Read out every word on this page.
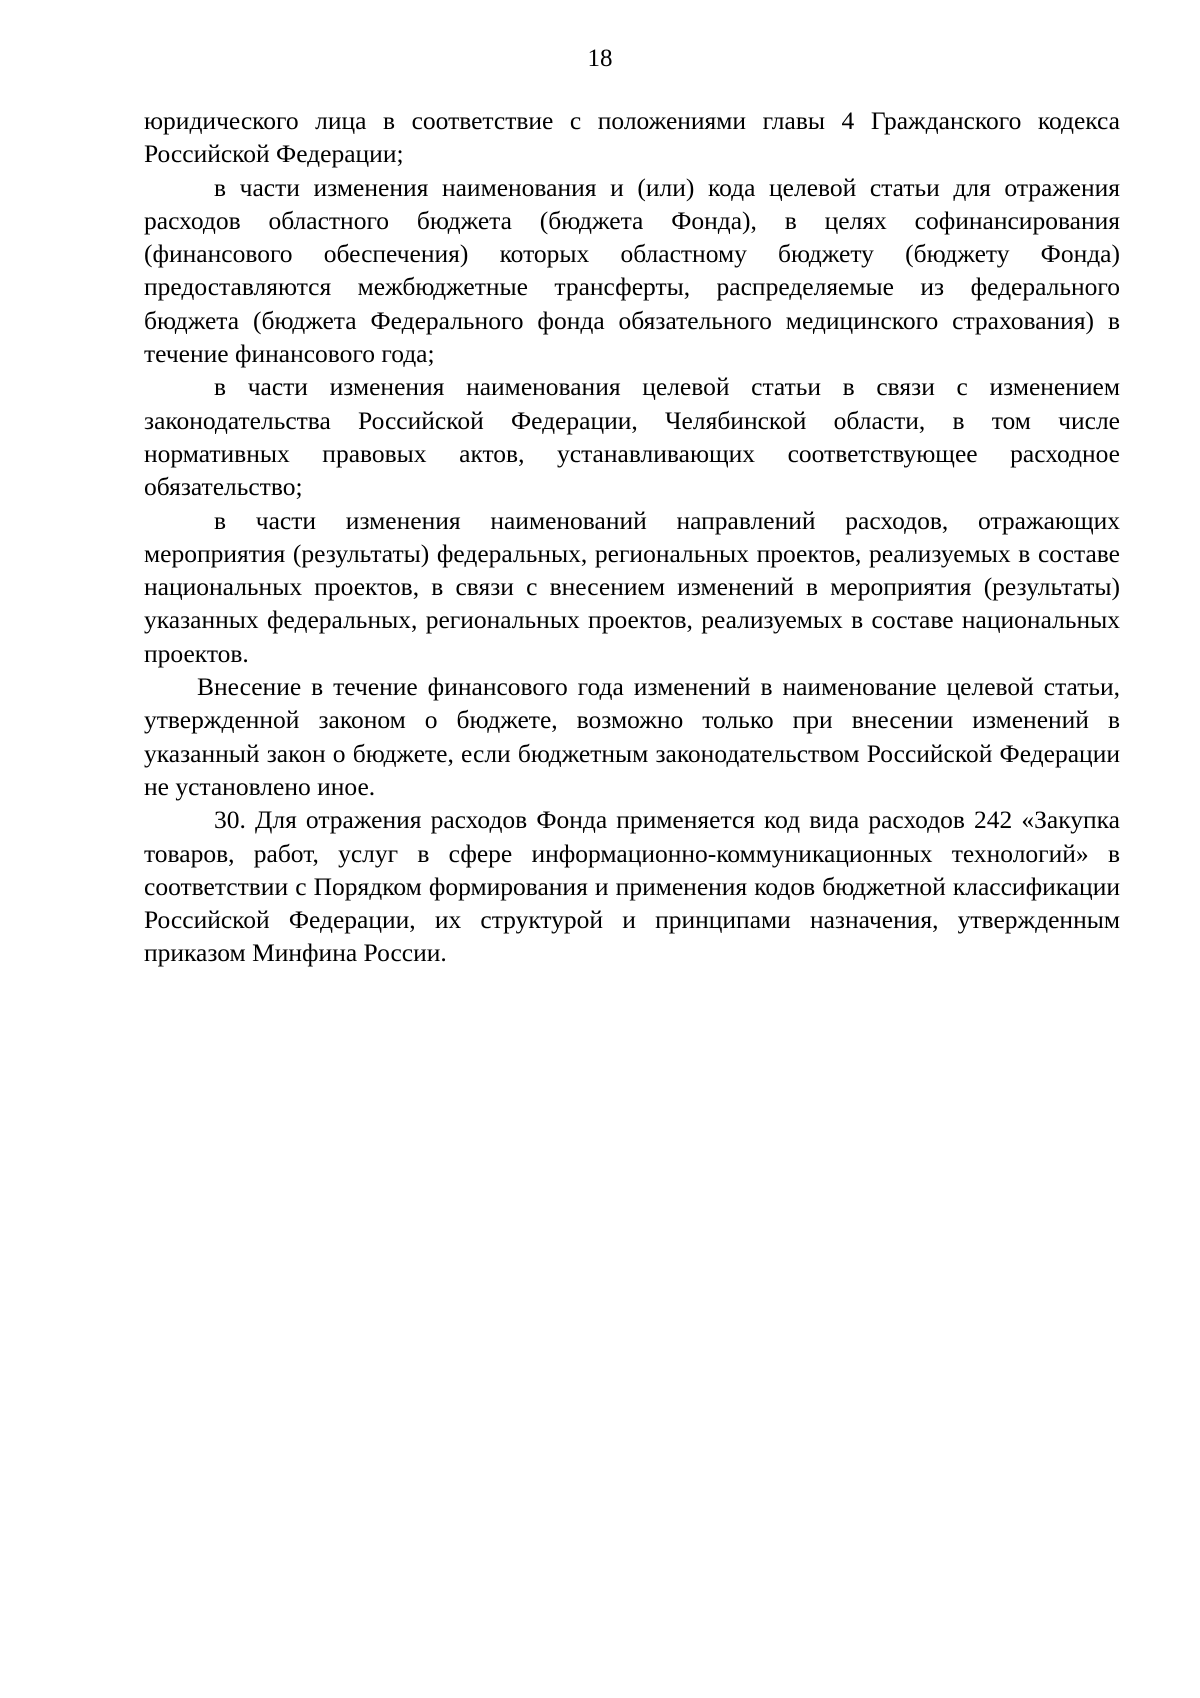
18

юридического лица в соответствие с положениями главы 4 Гражданского кодекса Российской Федерации;

в части изменения наименования и (или) кода целевой статьи для отражения расходов областного бюджета (бюджета Фонда), в целях софинансирования (финансового обеспечения) которых областному бюджету (бюджету Фонда) предоставляются межбюджетные трансферты, распределяемые из федерального бюджета (бюджета Федерального фонда обязательного медицинского страхования) в течение финансового года;

в части изменения наименования целевой статьи в связи с изменением законодательства Российской Федерации, Челябинской области, в том числе нормативных правовых актов, устанавливающих соответствующее расходное обязательство;

в части изменения наименований направлений расходов, отражающих мероприятия (результаты) федеральных, региональных проектов, реализуемых в составе национальных проектов, в связи с внесением изменений в мероприятия (результаты) указанных федеральных, региональных проектов, реализуемых в составе национальных проектов.

Внесение в течение финансового года изменений в наименование целевой статьи, утвержденной законом о бюджете, возможно только при внесении изменений в указанный закон о бюджете, если бюджетным законодательством Российской Федерации не установлено иное.

30. Для отражения расходов Фонда применяется код вида расходов 242 «Закупка товаров, работ, услуг в сфере информационно-коммуникационных технологий» в соответствии с Порядком формирования и применения кодов бюджетной классификации Российской Федерации, их структурой и принципами назначения, утвержденным приказом Минфина России.
